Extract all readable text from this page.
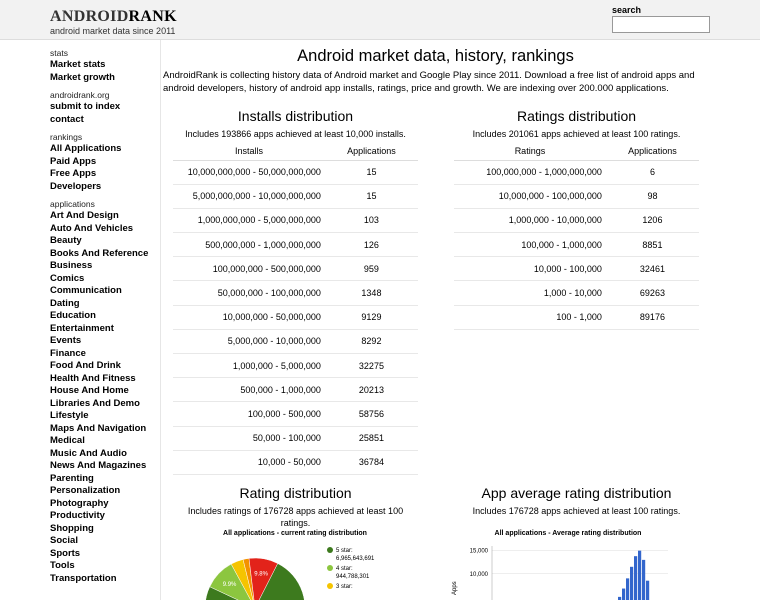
ANDROIDRANK
android market data since 2011
search
stats
Market stats
Market growth
androidrank.org
submit to index
contact
rankings
All Applications
Paid Apps
Free Apps
Developers
applications
Art And Design
Auto And Vehicles
Beauty
Books And Reference
Business
Comics
Communication
Dating
Education
Entertainment
Events
Finance
Food And Drink
Health And Fitness
House And Home
Libraries And Demo
Lifestyle
Maps And Navigation
Medical
Music And Audio
News And Magazines
Parenting
Personalization
Photography
Productivity
Shopping
Social
Sports
Tools
Transportation
Android market data, history, rankings
AndroidRank is collecting history data of Android market and Google Play since 2011. Download a free list of android apps and android developers, history of android app installs, ratings, price and growth. We are indexing over 200.000 applications.
Installs distribution
Includes 193866 apps achieved at least 10,000 installs.
Installs	Applications
10,000,000,000 - 50,000,000,000	15
5,000,000,000 - 10,000,000,000	15
1,000,000,000 - 5,000,000,000	103
500,000,000 - 1,000,000,000	126
100,000,000 - 500,000,000	959
50,000,000 - 100,000,000	1348
10,000,000 - 50,000,000	9129
5,000,000 - 10,000,000	8292
1,000,000 - 5,000,000	32275
500,000 - 1,000,000	20213
100,000 - 500,000	58756
50,000 - 100,000	25851
10,000 - 50,000	36784
Ratings distribution
Includes 201061 apps achieved at least 100 ratings.
Ratings	Applications
100,000,000 - 1,000,000,000	6
10,000,000 - 100,000,000	98
1,000,000 - 10,000,000	1206
100,000 - 1,000,000	8851
10,000 - 100,000	32461
1,000 - 10,000	69263
100 - 1,000	89176
Rating distribution
Includes ratings of 176728 apps achieved at least 100 ratings.
All applications - current rating distribution
9.9%
9.8%
5 star:
6,965,643,691
4 star:
944,788,301
3 star:
App average rating distribution
Includes 176728 apps achieved at least 100 ratings.
All applications - Average rating distribution
Apps
15,000
10,000
